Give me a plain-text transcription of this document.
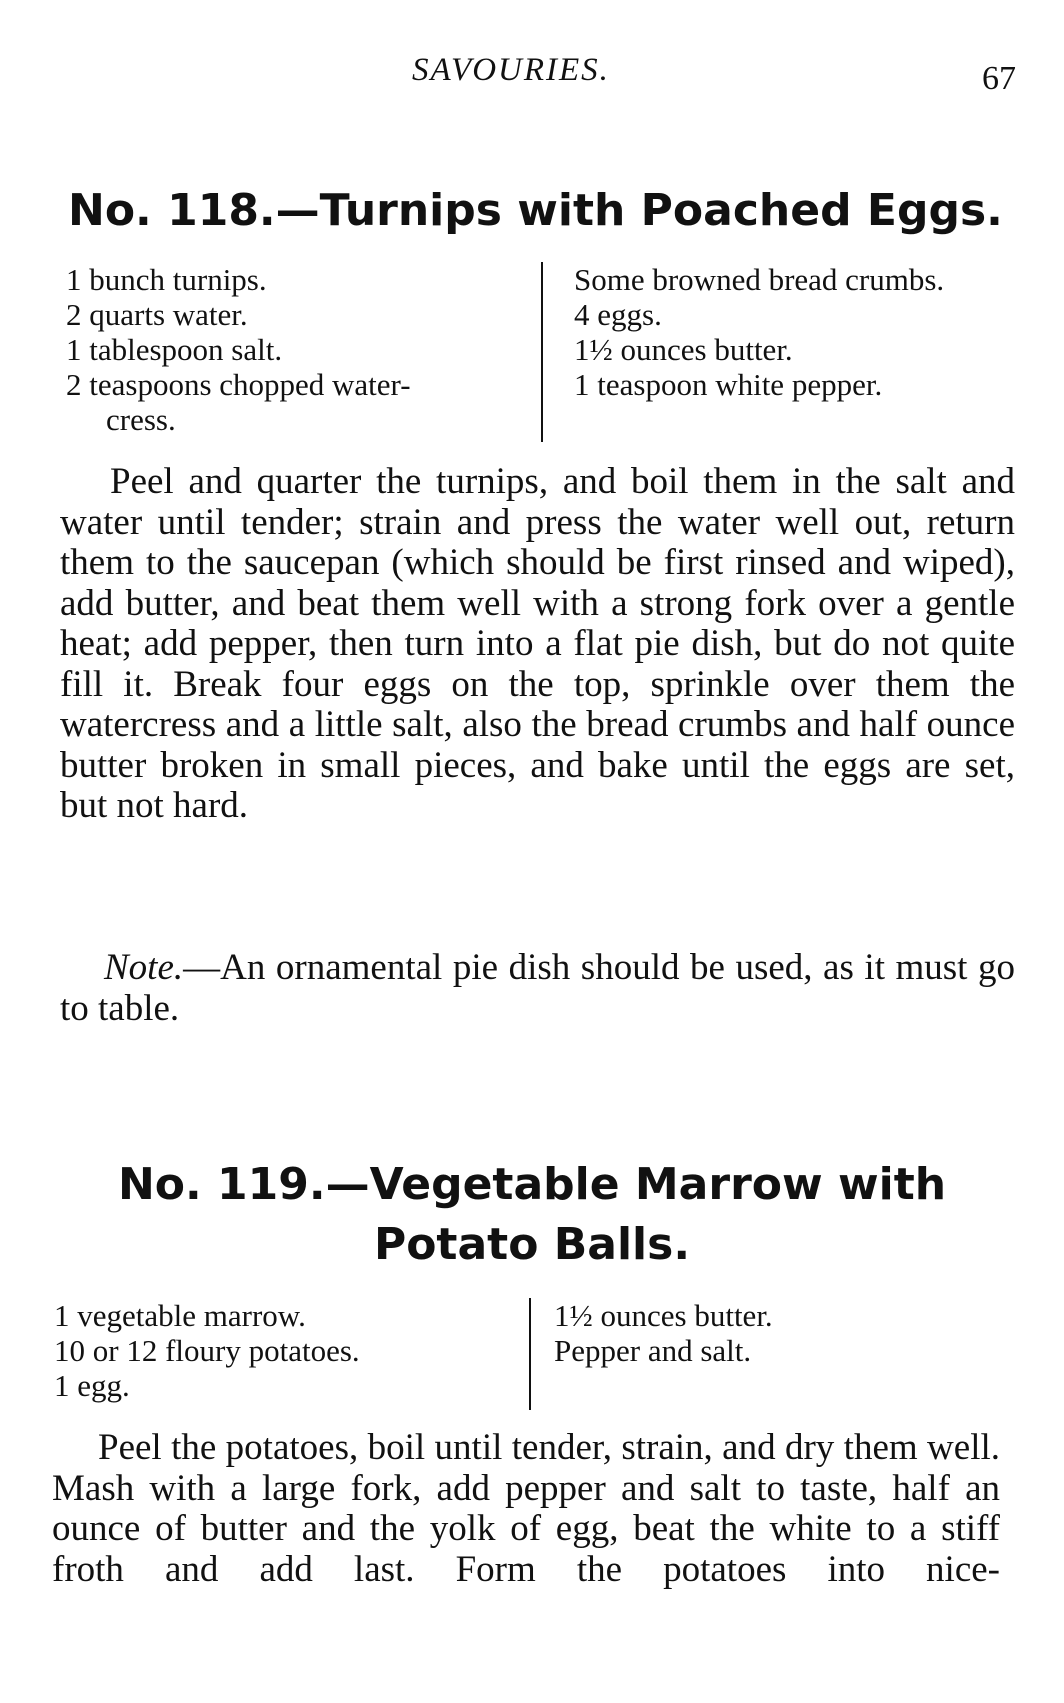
SAVOURIES.	67
No. 118.—Turnips with Poached Eggs.
1 bunch turnips.
2 quarts water.
1 tablespoon salt.
2 teaspoons chopped water-
cress.
Some browned bread crumbs.
4 eggs.
1½ ounces butter.
1 teaspoon white pepper.

Peel and quarter the turnips, and boil them in the salt and water until tender; strain and press the water well out, return them to the saucepan (which should be first rinsed and wiped), add butter, and beat them well with a strong fork over a gentle heat; add pepper, then turn into a flat pie dish, but do not quite fill it. Break four eggs on the top, sprinkle over them the watercress and a little salt, also the bread crumbs and half ounce butter broken in small pieces, and bake until the eggs are set, but not hard.

Note.—An ornamental pie dish should be used, as it must go to table.

No. 119.—Vegetable Marrow with
Potato Balls.
1 vegetable marrow.
10 or 12 floury potatoes.
1 egg.
1½ ounces butter.
Pepper and salt.

Peel the potatoes, boil until tender, strain, and dry them well. Mash with a large fork, add pepper and salt to taste, half an ounce of butter and the yolk of egg, beat the white to a stiff froth and add last. Form the potatoes into nice-
